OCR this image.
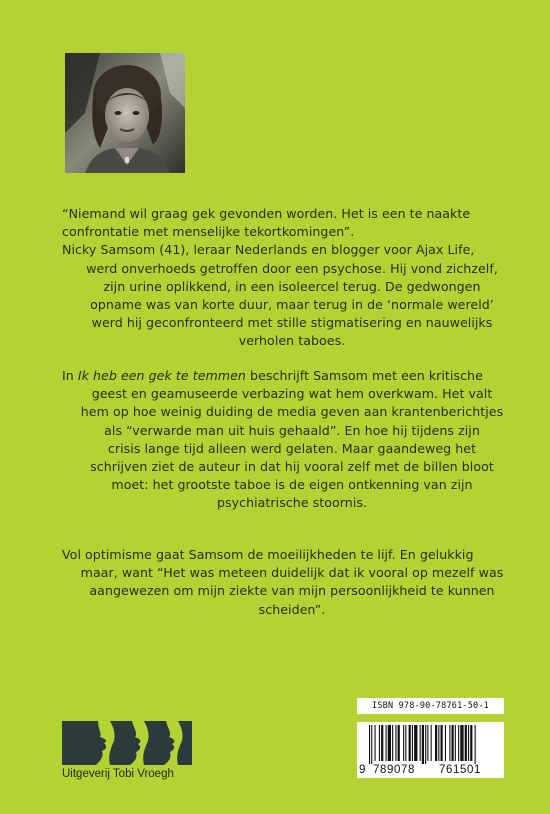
“Niemand wil graag gek gevonden worden. Het is een te naakte
confrontatie met menselijke tekortkomingen”.
Nicky Samsom (41), leraar Nederlands en blogger voor Ajax Life,
werd onverhoeds getroffen door een psychose. Hij vond zichzelf,
zijn urine oplikkend, in een isoleercel terug. De gedwongen
opname was van korte duur, maar terug in de ‘normale wereld’
werd hij geconfronteerd met stille stigmatisering en nauwelijks
verholen taboes.

In Ik heb een gek te temmen beschrijft Samsom met een kritische
geest en geamuseerde verbazing wat hem overkwam. Het valt
hem op hoe weinig duiding de media geven aan krantenberichtjes
als “verwarde man uit huis gehaald”. En hoe hij tijdens zijn
crisis lange tijd alleen werd gelaten. Maar gaandeweg het
schrijven ziet de auteur in dat hij vooral zelf met de billen bloot
moet: het grootste taboe is de eigen ontkenning van zijn
psychiatrische stoornis.

Vol optimisme gaat Samsom de moeilijkheden te lijf. En gelukkig
maar, want “Het was meteen duidelijk dat ik vooral op mezelf was
aangewezen om mijn ziekte van mijn persoonlijkheid te kunnen
scheiden”.

Uitgeverij Tobi Vroegh
ISBN 978-90-78761-50-1
9 789078 761501
